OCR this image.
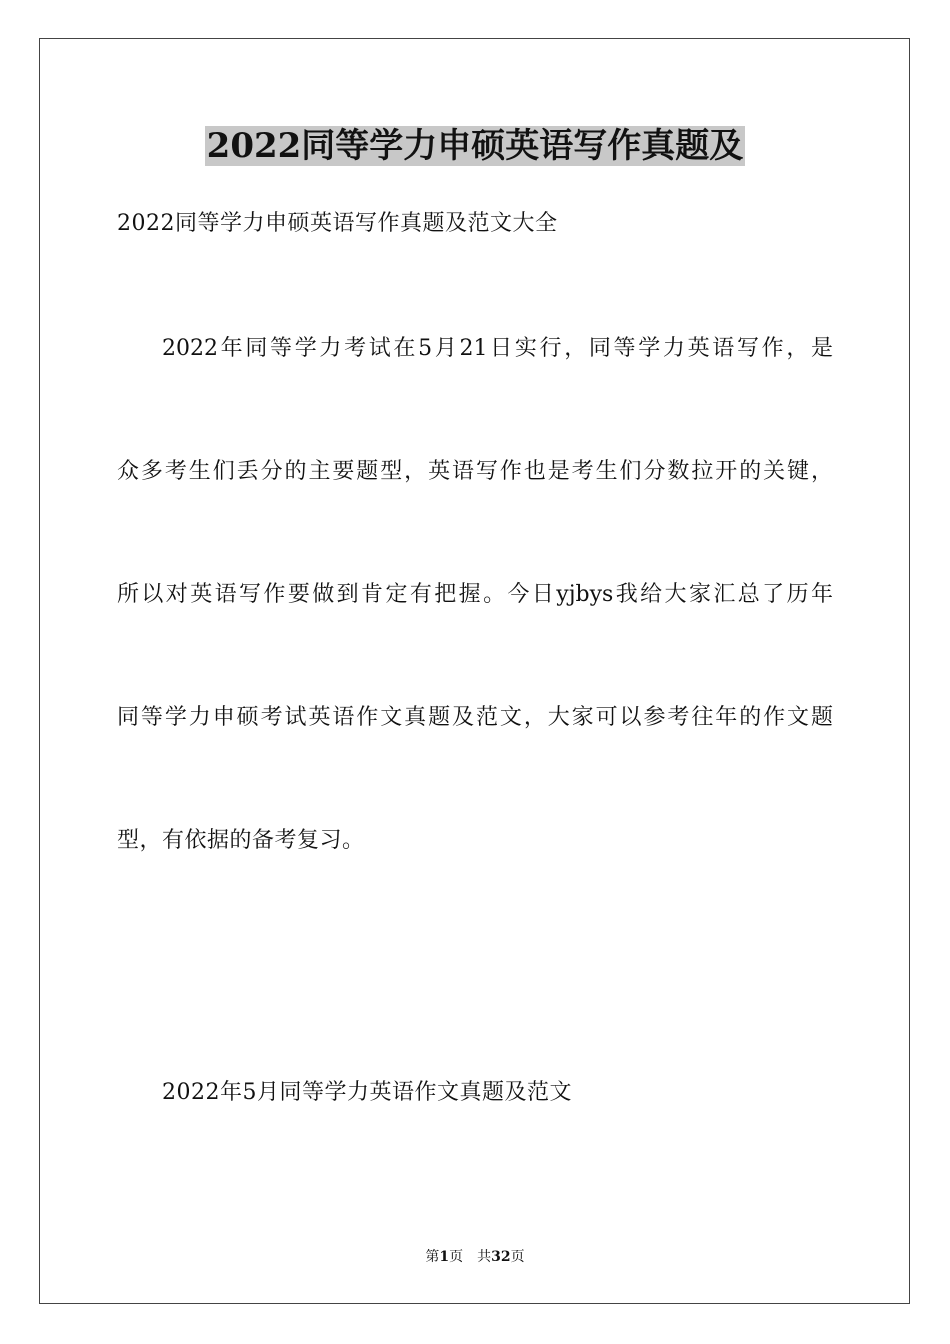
2022同等学力申硕英语写作真题及
2022同等学力申硕英语写作真题及范文大全
2022年同等学力考试在5月21日实行，同等学力英语写作，是
众多考生们丢分的主要题型，英语写作也是考生们分数拉开的关键，
所以对英语写作要做到肯定有把握。今日yjbys我给大家汇总了历年
同等学力申硕考试英语作文真题及范文，大家可以参考往年的作文题
型，有依据的备考复习。
2022年5月同等学力英语作文真题及范文
第1页 共32页
